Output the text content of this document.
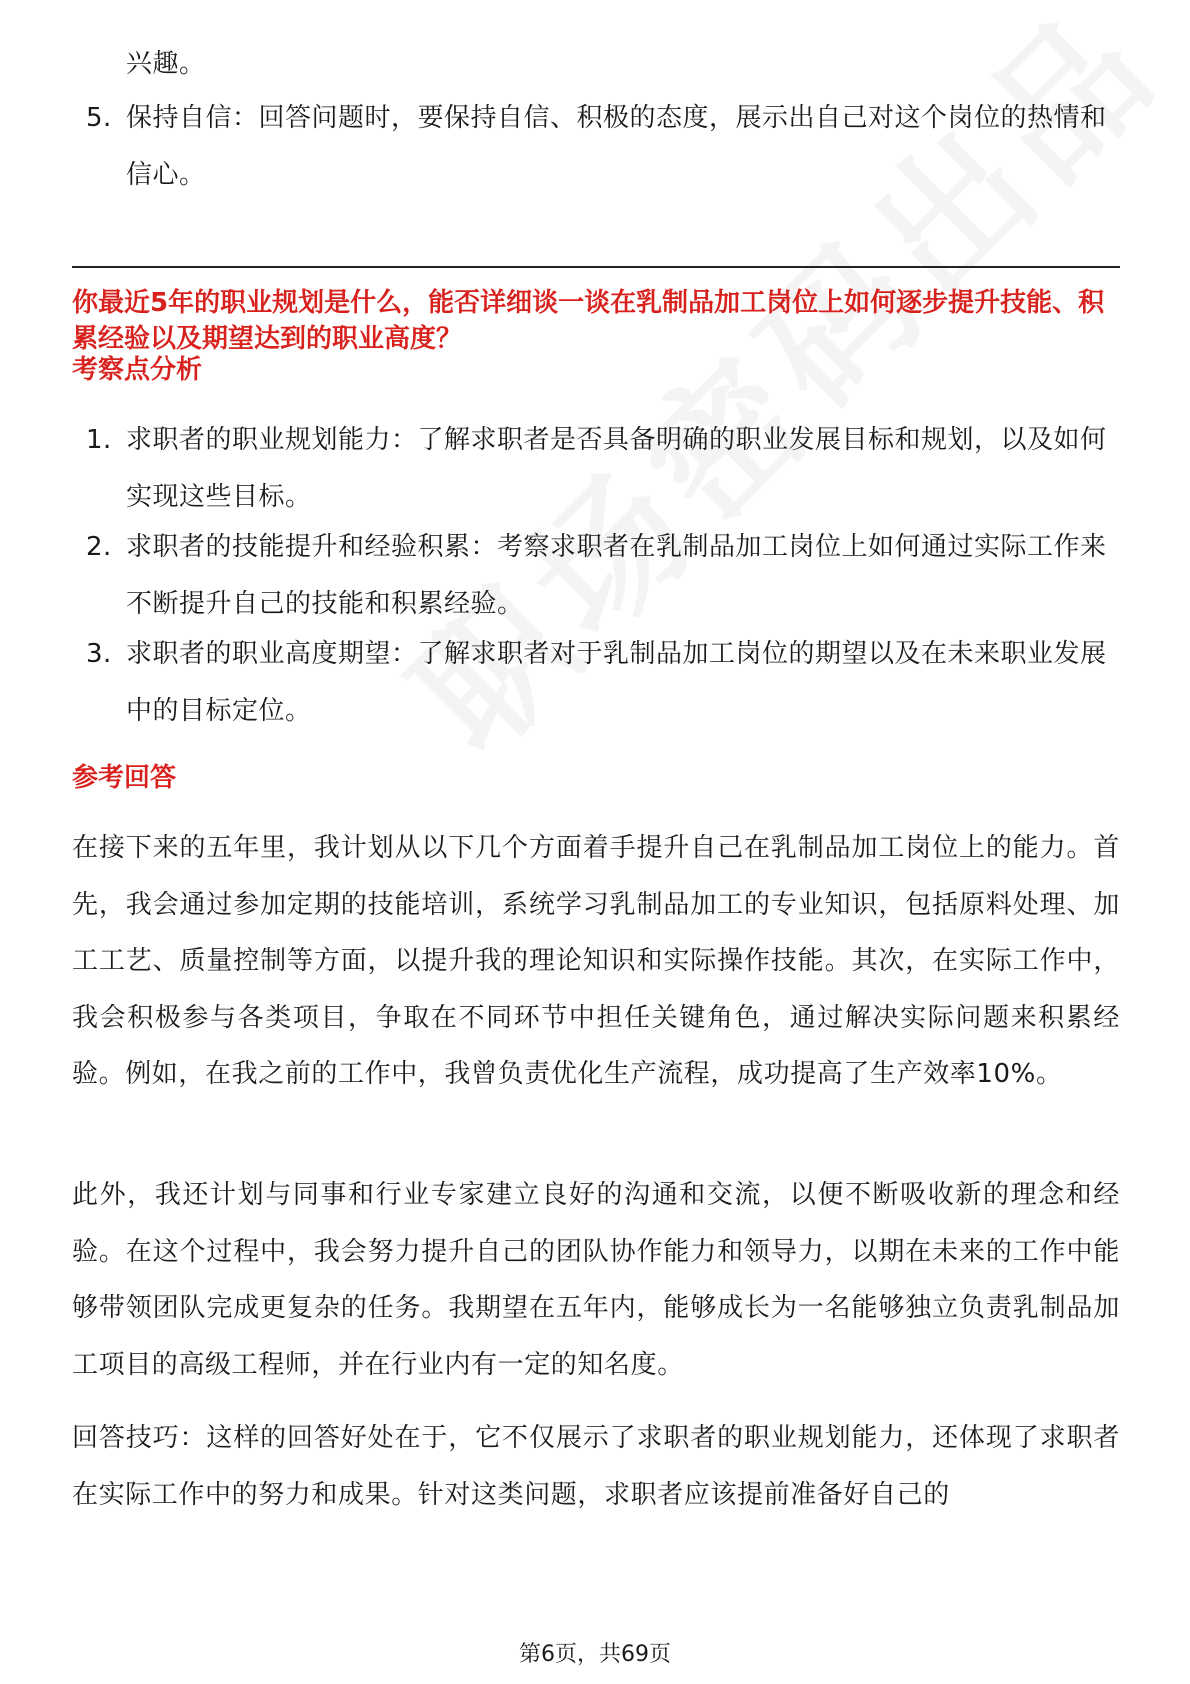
兴趣。
5. 保持自信：回答问题时，要保持自信、积极的态度，展示出自己对这个岗位的热情和信心。
你最近5年的职业规划是什么，能否详细谈一谈在乳制品加工岗位上如何逐步提升技能、积累经验以及期望达到的职业高度？
考察点分析
1. 求职者的职业规划能力：了解求职者是否具备明确的职业发展目标和规划，以及如何实现这些目标。
2. 求职者的技能提升和经验积累：考察求职者在乳制品加工岗位上如何通过实际工作来不断提升自己的技能和积累经验。
3. 求职者的职业高度期望：了解求职者对于乳制品加工岗位的期望以及在未来职业发展中的目标定位。
参考回答
在接下来的五年里，我计划从以下几个方面着手提升自己在乳制品加工岗位上的能力。首先，我会通过参加定期的技能培训，系统学习乳制品加工的专业知识，包括原料处理、加工工艺、质量控制等方面，以提升我的理论知识和实际操作技能。其次，在实际工作中，我会积极参与各类项目，争取在不同环节中担任关键角色，通过解决实际问题来积累经验。例如，在我之前的工作中，我曾负责优化生产流程，成功提高了生产效率10%。
此外，我还计划与同事和行业专家建立良好的沟通和交流，以便不断吸收新的理念和经验。在这个过程中，我会努力提升自己的团队协作能力和领导力，以期在未来的工作中能够带领团队完成更复杂的任务。我期望在五年内，能够成长为一名能够独立负责乳制品加工项目的高级工程师，并在行业内有一定的知名度。
回答技巧：这样的回答好处在于，它不仅展示了求职者的职业规划能力，还体现了求职者在实际工作中的努力和成果。针对这类问题，求职者应该提前准备好自己的
第6页，共69页
